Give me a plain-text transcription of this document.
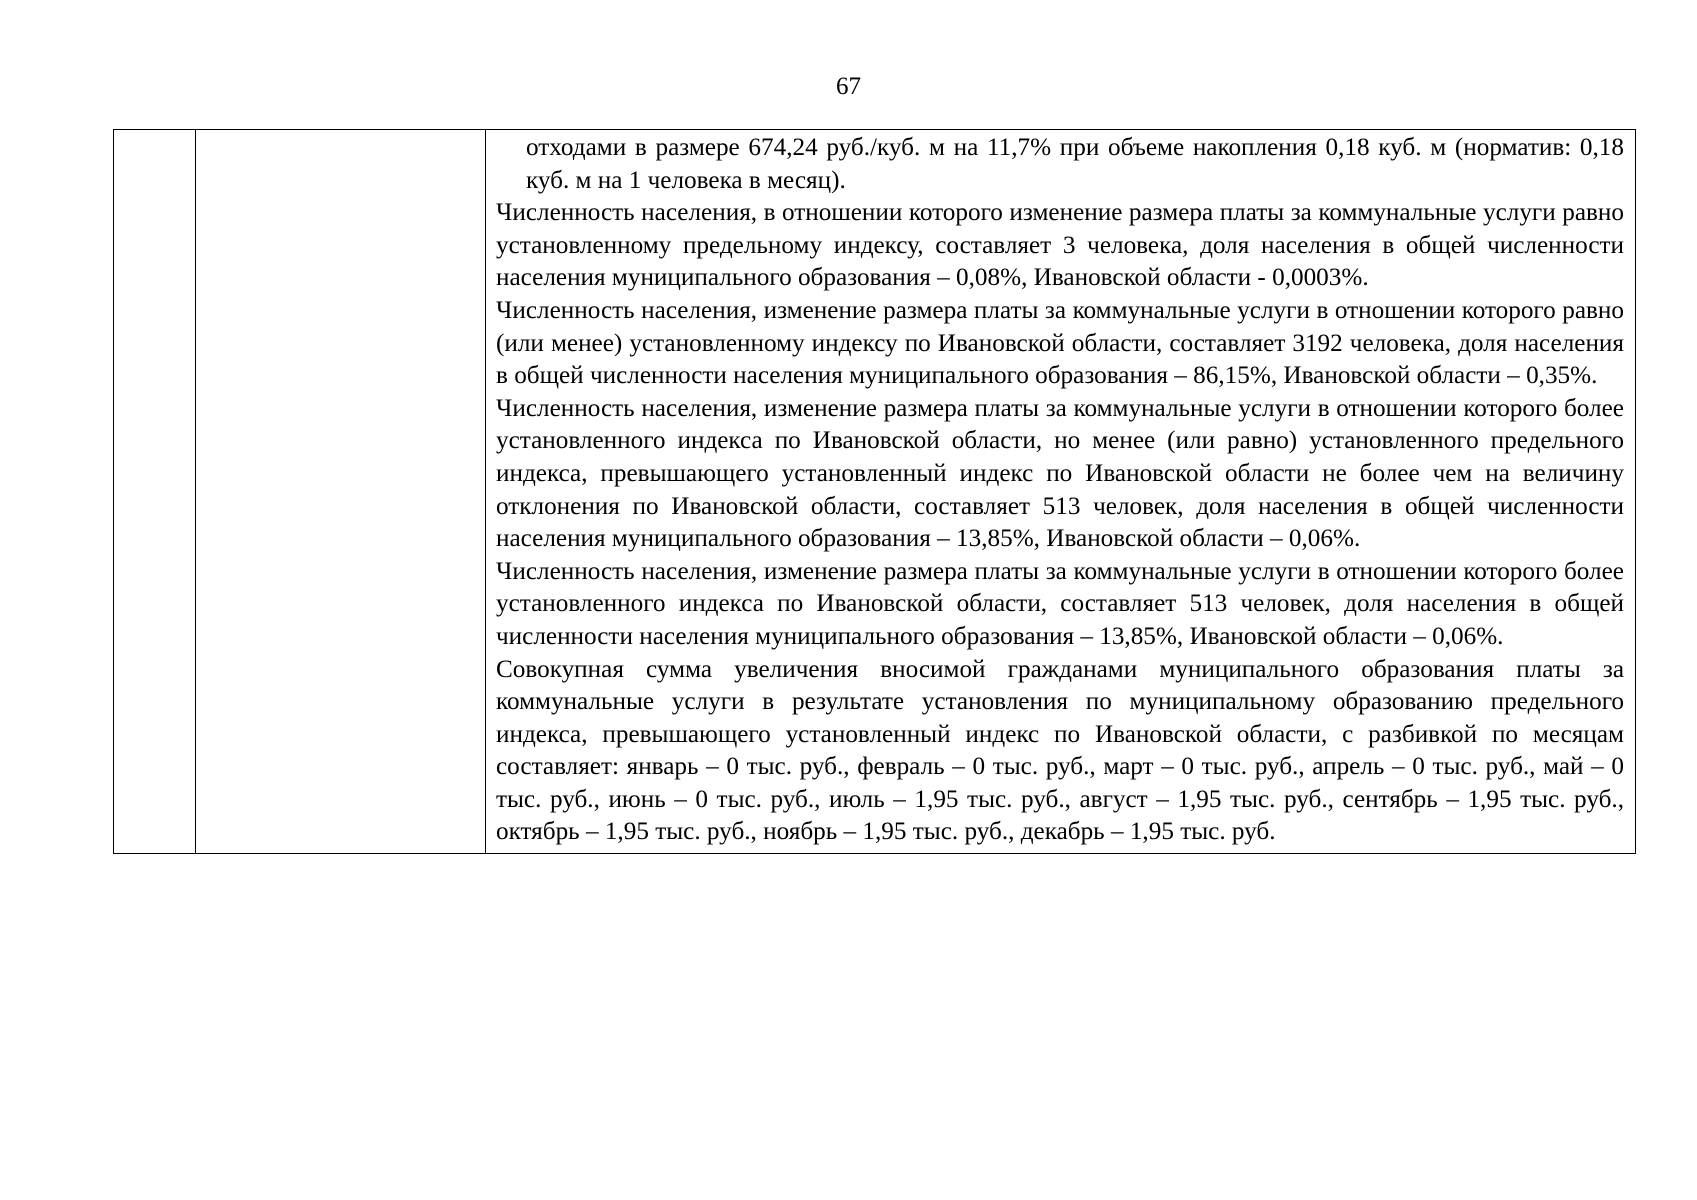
67

отходами в размере 674,24 руб./куб. м на 11,7% при объеме накопления 0,18 куб. м (норматив: 0,18 куб. м на 1 человека в месяц).

Численность населения, в отношении которого изменение размера платы за коммунальные услуги равно установленному предельному индексу, составляет 3 человека, доля населения в общей численности населения муниципального образования – 0,08%, Ивановской области - 0,0003%.

Численность населения, изменение размера платы за коммунальные услуги в отношении которого равно (или менее) установленному индексу по Ивановской области, составляет 3192 человека, доля населения в общей численности населения муниципального образования – 86,15%, Ивановской области – 0,35%.

Численность населения, изменение размера платы за коммунальные услуги в отношении которого более установленного индекса по Ивановской области, но менее (или равно) установленного предельного индекса, превышающего установленный индекс по Ивановской области не более чем на величину отклонения по Ивановской области, составляет 513 человек, доля населения в общей численности населения муниципального образования – 13,85%, Ивановской области – 0,06%.

Численность населения, изменение размера платы за коммунальные услуги в отношении которого более установленного индекса по Ивановской области, составляет 513 человек, доля населения в общей численности населения муниципального образования – 13,85%, Ивановской области – 0,06%.

Совокупная сумма увеличения вносимой гражданами муниципального образования платы за коммунальные услуги в результате установления по муниципальному образованию предельного индекса, превышающего установленный индекс по Ивановской области, с разбивкой по месяцам составляет: январь – 0 тыс. руб., февраль – 0 тыс. руб., март – 0 тыс. руб., апрель – 0 тыс. руб., май – 0 тыс. руб., июнь – 0 тыс. руб., июль – 1,95 тыс. руб., август – 1,95 тыс. руб., сентябрь – 1,95 тыс. руб., октябрь – 1,95 тыс. руб., ноябрь – 1,95 тыс. руб., декабрь – 1,95 тыс. руб.
